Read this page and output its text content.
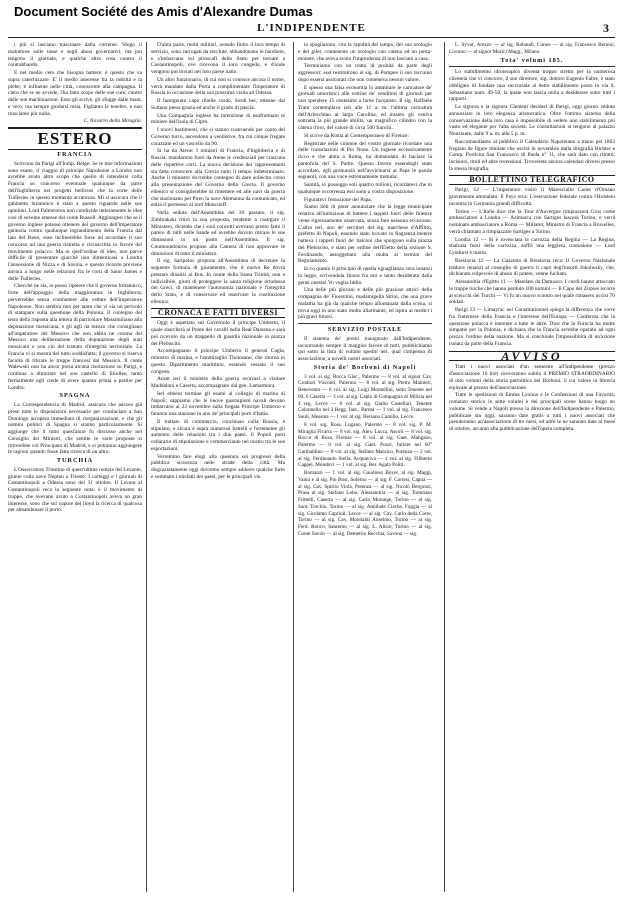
Document Société des Amis d'Alexandre Dumas
L'INDIPENDENTE	3

i più si lasciano trascinare dalla corrente. Sfogo il malumore sulle tasse e sugli abusi governativi, ma poi tengono il giornale, e qualche altra cosa contro il contrabbando.

E nel medio ceto che bisogna battere; è questo che va sopra catechizzare. E' il medio interesse fra la nobiltà e la plebe; è influente nelle città, conoscente alla campagna. Il clero che se ne avvede, l'ha fatto scopo delle sue cure; contro delle sue machinazioni. Esso gli scrive, gli sfugge dalle mani, e vero; ma sempre guidarsi resta. Figliamo le tenebre, e non riusciamo più nulla.

C. Navarro della Miraglia.
ESTERO
FRANCIA

Scrivono da Parigi all'Indip. Belge: Se le mie informazioni sono esatte, il viaggio di principe Napoleone a Londra non avrebbe avuto altro scopo che quello di intendersi colla Francia su concorso eventuale qualunque da parte dell'Inghilterra nei progetti bellicosi che la corte delle Tuilleries in questo momento accarezza. Mi si assicura che il gabinetto britannico è stato a questo riguardo nelle sue opinioni. Lord Palmerston non condivide intieramente le idee così di sovente emesse dal conte Russell. Aggiungesi che se il governo inglese potesse ottenere del governo dell'imperatore garanzia contro qualunque ingrandimento della Francia dal lato del Reno, esso inclinerebbe forse ad accordare il suo concorso ad una guerra ristretta e circoscritta in favore del movimento polacco. Ma in quell'ordine di idee, non parve difficile di presentare giacchè non dimenticasi a Londra l'annessione di Nizza e di Savoia, e questo ricordo previene ancora a lungo nelle relazioni fra le corti di Saint James e delle Tuilleries.

Checchè ne sia, io posso ripetere che il governo britannico, forte dell'appoggio della maggioranza in Inghilterra, perverrebbe senza combattere alle vedute dell'imperatore Napoleone. Non sembra non per tanto che vi sia un pericolo di stampare sulla questione della Polonia. Il contegno del testo della risposta alla lettera di particolare Massimiliano alla deputazione messicana, e gli agli da mezzo che consigliano all'imperatore del Messico che non abbia ne corona del Messico una deliberazione della deputazione degli stati messicani e non ciò del trattato d'integrità territoriale. La Francia vi si mostra del tutto soddisfatta; il governo si riserva facoltà di ritirare le truppe francesi dal Messico. Il conte Walewski non ha ancor presa alcuna risoluzione su Parigi, e continua a dimorare nel suo castello di Etiolles; tanto fermamente egli crede di avere quanto prima a partire per Londra.

SPAGNA

La Correspondencia di Madrid, assicura che ancora già prese tutte le disposizioni necessarie per cominciare a San Domingo un'opera immediata di riorganizzazione, e che gli uomini politici di Spagna si stanno particolarmente. Si aggiunge che il tutto quest'anno fu discusso anche nel Consiglio dei Ministri, che sentite le varie proposte si ritirerebbe col Principato di Madrid, e si potranno aggiungere le ragioni quando fosse fatta ricerca di un altro.

TURCHIA

L'Osservatore Triestino di quest'ultime notizie del Levante, giunte colla nave Neptun a Trieste: I carteggi e i giornali di Costantinopoli a Odessa sono del 31 ottobre. Il Levant al Costantinopoli reca la seguente nota: è il movimento di truppe, che avevano avuto a Costantinopoli aveva un gran interesse, sono che sul vapore del lloyd la ricerca di qualcosa per abbandonare il porto.

D'altra parte, molti militari, avendo finito il loro tempo di servizio, sono surrogati da recclute, abbandonano le bandiere, e s'imbarcano sui piroscafi dello Stato per tornare a Costantinopoli, ove ricevono il loro congedo, e d'onde vengono poi inviati nei loro paese natio.

Un altro funzionario, di cui non si conosce ancora il nome, verrà mandato dalla Porta a complimentare l'imperatore di Russia in occasione della sua prossima visita ad Odessa.

Il famigerato capo ribelle curdo, Sordi bei, ottenne dal Sultano piena grazia ed anche il grado di pascià.

Una Compagnia inglese ha intenzione di usufruttuare le miniere dell'isola di Cipro.

I nuovi bastimenti, che si stanno costruendo per conto del Governo turco, ascendono a ventinove, fra cui cinque fregate corazzate ed un vascello da 90.

Si ha da Atene: I ministri di Francia, d'Inghilterra e di Russia, mandarono fuori da Atene le credenziali per ciascuna delle rispettive corti. La nuova decisione dei rappresentanti sia fatta conoscere alla Grecia tutto il tempo indeterminato. Anche il ministro dovrebbe contegno di dare sollecito corso alla presentazione del Governo della Grecia. Il governo ellenico si consiglierebbe di rimettere ed alle navi da guerra che stazionano pel Pireo la nave Alemanna da comunicato, ed entra il permesso al lord Moncrieff.

Nella seduta dell'Assemblea del 30 passato, il sig. Zimbrakaki ritirò la sua proposta, tendente a castigare il Ministero, dicendo che i suoi concetti avevano presto fatto il parere di tutti nelle bande ed avrebbe dovuto ritirare le sue dimissioni in un posto nell'Assemblea. Il sig. Coumoundouros propose alla Camera di non approvare le dimissioni di tutto il ministero.

Il sig. Saripolos propone all'Assemblea di decretare la seguente formula di giuramento, che il nuovo Re dovrà prestare dinanzi ai Bus. In nome della Santa Trinità, non e indivisibile, giuro di proteggere la santa religione ortodossa dei Greci, di mantenere l'autonomia nazionale e l'integrità dello Stato, e di conservare ed osservare la costituzione ellenica.

CRONACA E FATTI DIVERSI

Oggi è aspettato sul Governolo il principe Umberto, il quale sbarcherà al Ponte dei cavalli nella Real Darsena e sarà poi ricevuto da un drappello di guardia nazionale in piazza del Plebiscito.

Accompagnano il principe Umberto il general Cugia, ministro di marina, e l'ammiraglio Tholosano, che ritorna in questo Dipartimento marittimo, essendo cessato il suo congedo.

Avant ieri il ministro della guerra recavasi a visitare Maddaloni e Caserta, accompagnato dal gen. Lamarmora.

Ieri ebbero termine gli esami al collegio di marina di Napoli; sappiamo che le nuove guarnigioni navali devono imbarcarsi al 23 novembre sulla fregata Principe Umberto e faranno una stazione in uno de' principali porti d'Italia.

Il trattato di commercio, conchiuso colla Russia, è stipulato, e sicura è sopra numerosi battelli e fortemente gli aumento delle relazioni tra i due paesi. Il Popoli porti cellarario di stipulazione e commerciante nel nostro tra le sue esportazioni.

Verremmo fare elogi alla questura sui progressi della pubblica sicurezza nelle strade della città. Ma disgraziatamente oggi dovremo sempre addurre qualche furto e sommare i misfatti dei paesi, per le principali vie.

lo spogliarono, con la rapidità del lampo, del suo orologio e del gilet, contenente un orologio con catena ed un porta-monete, che aveva avuto l'imprudenza di non lasciare a casa.

Terminiamo con un tratto di probità da parte degli aggressori: essi restituirono al sig. di Pompeo il suo taccuino dopo essersi assicurati che non conteneva nessun valore.

E spesso una falsa economia lo ammirare le caricature de' giornali umoristici alle vetrine de' venditori di giornali per non spendere 15 centesimi a farne l'acquisto. Il sig. Raffaele Trani contemplava ieri alle 11 a. m. l'ultima caricatura dell'Arlecchino al largo Carolina, ed intanto gli veniva sottratta la più grande abilità, un magnifico cilindro con la catena d'oro, del valore di circa 500 franchi.

Si scrive da Roma al Contemporaneo di Firenze:

Registrate nelle colonne del vostro giornale ricordare una delle consolazioni di Pio Nono. Un inglese eccessivamente ricco e che abita a Roma, ha domandato di baciare la pantofola del S. Padre. Questo favore essendogli stato accordato, egli pronunziò nell'avvicinarsi al Papa le parole seguenti, con una voce estremamente tremula:

Santità, io posseggo soli quattro milioni, ricordatevi che in qualunque occorrenza essi sono a vostra disposizione.

Figuratevi l'emozione del Papa.

Siamo lieti di poter annunziare che la legge municipale relativa all'inibizione di battere i tappeti fuori delle finestre viene rigorosamente osservata, senza fare nessuna eccezione. L'altro ieri, uno de' servitori del sig. marchese d'Afflitto, prefetto di Napoli, essendo stato trovato in flagranza mentre batteva i tappeti fuori de' balconi che sporgono sulla piazza del Plebiscito, è stato per ordine dell'Eletto della sezione S. Ferdinando, assoggettato alla multa ai termini del Regolamento.

Ecco questo il principio di quella uguaglianza vera innanzi la legge, scrivendola finora fra noi e tanto desiderata dalla gente onesta! Vo voglia Iddio.

Una delle più giovani e delle più graziose attrici della compagnia de' Fiorentini, madamigella Strini, che una grave malattia ha già da qualche tempo allontanata dalla scena, si trova oggi in uno stato molto allarmante, ed ispira ai medici i più gravi timori.

SERVIZIO POSTALE

Il sistema de' premi inaugurato dall'Indipendente, incontrando sempre il maggior favore di tutti, pubblichiamo qui sotto la lista di volumi spediti ieri, qual compenso di associazione, a novelli nostri associati.

Storia de' Borboni di Napoli

3 vol. al sig. Rocca Giac., Palermo — 8 vol. al signor Cav. Crodiori Visconti, Palermo — 8 vol. al sig. Pietro Mainieri, Benevento — 8 vol. al sig. Luigi Montellini, sotto Tenente nel 60, 6 Caserta — 3 vol. al sig. Caplo di Compagnia di Milizia nel 4 reg. Lecce — 8 vol. al sig. Giulio Castellari, Tenente Colonnello nel 3 Regg. fant., Parma — 1 vol. al sig. Francesco Sauli, Messina — 1 vol. al sig. Bersano Camillo, Lecce.

8 vol. sig. Ross. Lugano, Palermo — 8 vol. sig. P. M. Miraglia Ficarra — 8 vol. sig. Alex. Lucca, Ascoli — 8 vol. sig. Rocco di Rosa, Firenze — 8 vol. al sig. Gaet. Mangano, Palermo — 8 vol. al sig. Gaet. Pozzi, furiere nel 60° Garibaldino — 8 vol. al sig. Stefano Marzico, Potenza — 2 vol. al sig. Ferdinando Stella, Acquaviva — 1 vol. al sig. Filiberto Cappei, Mondovì — 1 vol. al sig. Ber. Agata Politi.

Romanzi — 1 vol. al sig. Gaudioso Boyer, al sig. Maggi, Vanni e al sig. Pio Bosi, Solerno — al sig. F. Cortesi, Capua — al sig. Cav. Spirito Viola, Potenza — al sig. Nicolò Bergonzi, Prasa al sig. Stefano Lobo, Alessandria — al sig. Tommaso Frittelli, Caserta — al sig. Carlo Morange, Torino — al sig. Sant. Torchio, Torino — al sig. Annibale Ciorba, Foggia — al sig. Girolamo Caprioli, Lecce — al sig. Cav. Carlo della Corte, Torino — al sig. Cav. Mondaldi Anselmo, Torino — al sig. Ferd. Ronco, Sanremo — al sig. L. Alisio, Torino — al sig. Conte Savoir — al sig. Demetrio Recchia, Savona — sig.

L. Syvot, Arezzo — al sig. Robaudi, Cuneo — al sig. Francesco Bernini, Livorno — al signor Morici Magg., Milano.

Tota' volumi 185.

Lo stabilimento idroterapico diventa troppo stretto per la numerosa clientela che vi concorre, il suo direttore, sig. dottore Eugenio Fabre, è stato obbligato di fondare una succursale al detto stabilimento posto in via S. Sebastiano num. 49-50, la quale non lascia nulla a desiderare sotto tutti i rapporti.

La signora e la signora Clement desideri di Parigi, oggi giorno veduto annunziare in loro eleganza aristocratica. Oltre l'ottimo sistema della conservazione della loro casa è impossibile di vedere uno stabilimento più vasto ed elegante per l'alta società. Le consultazioni si tengono al palazzo Nunziante, dalle 9 a. m. alle 5 p. m.

Raccomandiamo al pubblico il Calendario Napoletano a mano pel 1863 fregiato de figure miniate che uscirà in novembre dalla litografia Richter e Comp. Porticita San Francesco di Paola n° 11, che sarà dato con ritratti, incisioni, titoli ed altre recensioni. Trovereste ancora calendari diversi presso la stessa litografia.

BOLLETTINO TELEGRAFICO

Parigi, 12 — L'imperatore visitò il Maresciallo Conte d'Ornano gravemente ammalato. Il Pays reca: L'esecuzione federale contro l'Holstein incontra in Germania grandi difficoltà.

Torino — L'Italie dice che la Tour d'Auvergne rimpiazzerà Gros come ambasciatore a Londra — Azimarca con Sartiges lascerà Torino, e verrà nominato ambasciatore a Roma — Millaret, Ministro di Francia a Bruxelles, verrà chiamato a rimpiazzare Sartiges a Torino.

Londra 12 — Si è rovesciata la carrozza della Regina — La Regina, sbalzata fuori della carrozza, soffrì una leggiera contusione — Lord Lyndurst è morto.

Breslavia 12 — La Gazzetta di Breslavia reca: Il Governo Nazionale traduce innanzi al consiglio di guerra il capo degl'insorti Jokolwsky, che, dichiarato colpevole di abuso di potere, venne fucilato.

Alessandria d'Egitto 11 — Mandato da Damasco. I curdi hanno attaccato le truppe turche che hanno perduto 100 uomini — Il Capo del Zirpies iscorre ai sceicchi dei Turchi — Vi fu un nuovo scontro nel quale rimasero uccisi 70 soldati.

Parigi 13 — Limayrac nel Constitutionnel spiega la differenza che corre fra l'interesse della Francia e l'interesse dell'Europa — Conferma che la questione polacca è inerente a tutte le altre. Dice che la Francia ha molte simpatie per la Polonia, e dichiara che la Francia avrebbe operato ad ogni prezzo l'ordine della nazione. Ma si conchiude l'impossibilità di un'azione isolata da parte della Francia.

AVVISO

Tutti i nuovi associati d'un semestre all'Indipendente (prezzo d'associazione 16 lire) riceveranno subito il PREMIO STRAORDINARIO di otto volumi della storia patriottica dei Borboni, il cui valore in libreria equivale al prezzo dell'associazione.

Tutte le spedizioni di Emma Lyonna e le Confessioni di una Favorita, romanzo storico in sette volumi e dei principali scene hanno luogo un volume. Si vende a Napoli presso la direzione dell'Indipendente e Palermo, pubblicate sin oggi, saranno date gratis a tutti i nuovi associati che prenderanno un'associazione di tre mesi, ed altre le ne saranno date al mese di ottobre, accanto alla pubblicazione dell'opera completa.
